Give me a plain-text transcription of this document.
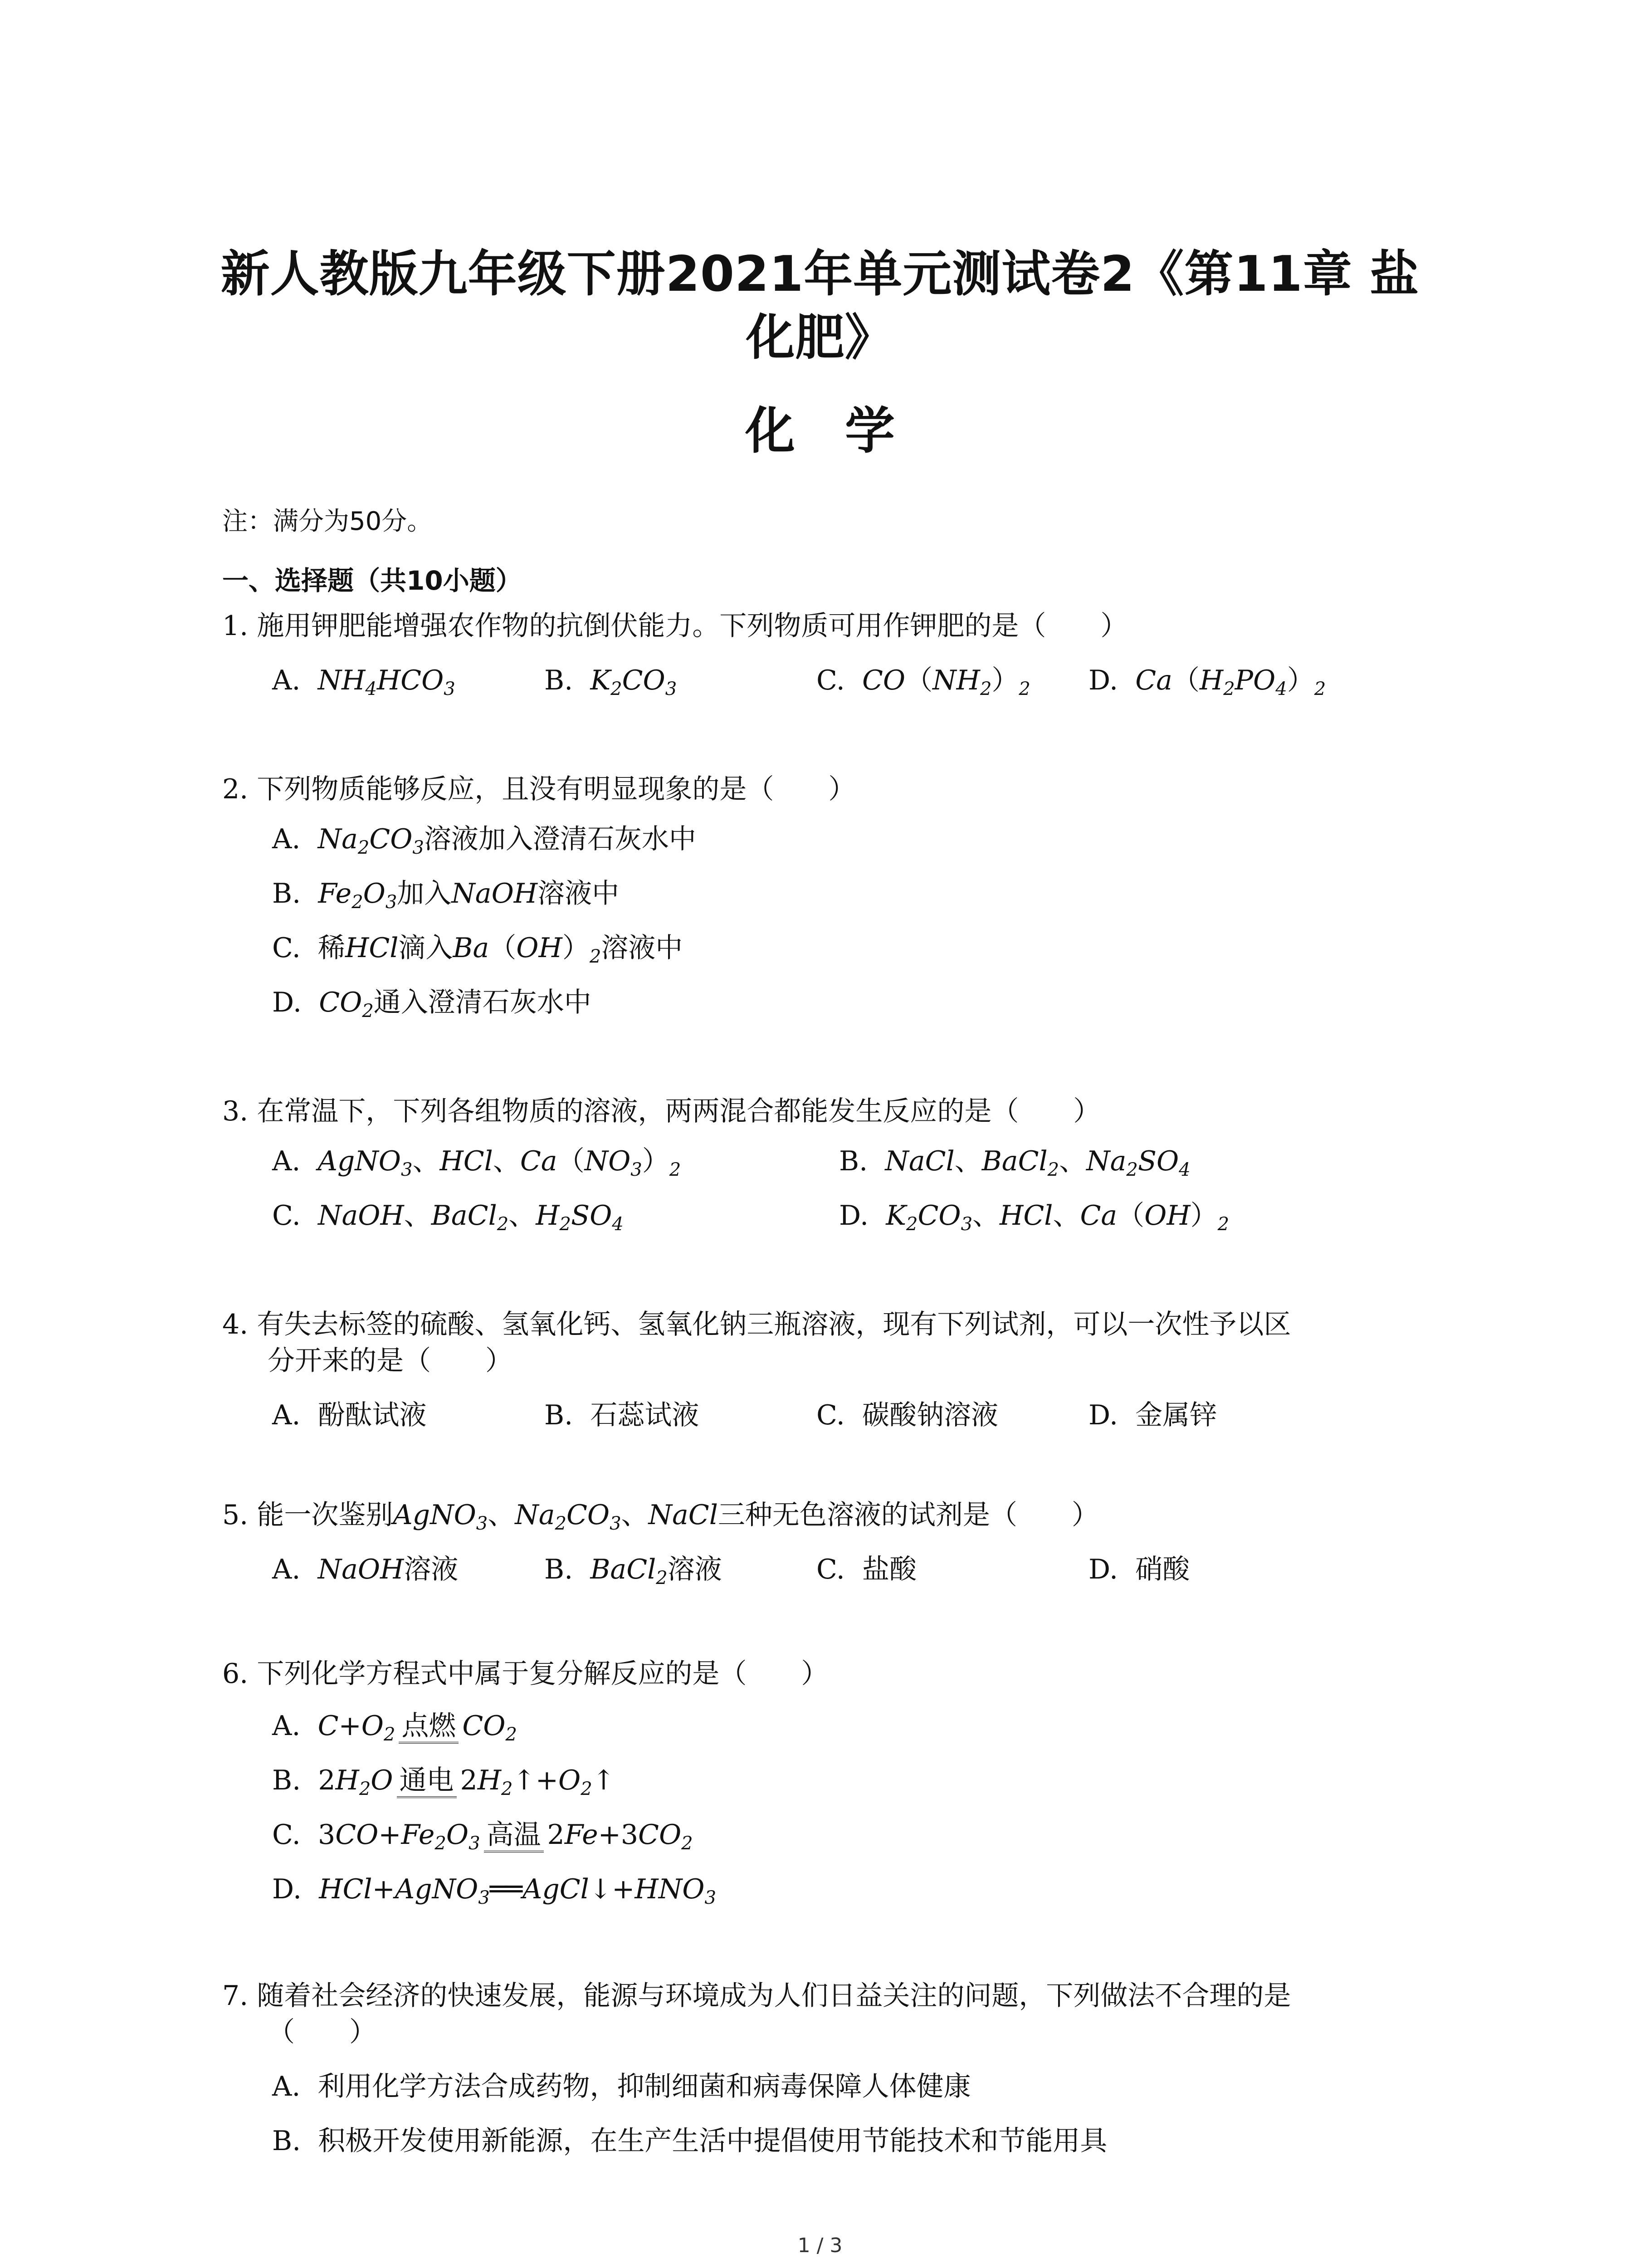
新人教版九年级下册2021年单元测试卷2《第11章 盐
化肥》
化学
注：满分为50分。
一、选择题（共10小题）
1. 施用钾肥能增强农作物的抗倒伏能力。下列物质可用作钾肥的是（　　）
A. $NH_4HCO_3$	B. $K_2CO_3$	C. $CO(NH_2)_2$ D. $Ca(H_2PO_4)_2$
2. 下列物质能够反应，且没有明显现象的是（　　）
A. $Na_2CO_3$溶液加入澄清石灰水中
B. $Fe_2O_3$加入NaOH溶液中
C. 稀HCl滴入$Ba(OH)_2$溶液中
D. $CO_2$通入澄清石灰水中
3. 在常温下，下列各组物质的溶液，两两混合都能发生反应的是（　　）
A. AgNO$_3$、HCl、$Ca(NO_3)_2$	B. NaCl、BaCl$_2$、$Na_2SO_4$
C. NaOH、BaCl$_2$、$H_2SO_4$	D. $K_2CO_3$、HCl、$Ca(OH)_2$
4. 有失去标签的硫酸、氢氧化钙、氢氧化钠三瓶溶液，现有下列试剂，可以一次性予以区
分开来的是（　　）
A. 酚酞试液	B. 石蕊试液	C. 碳酸钠溶液	D. 金属锌
5. 能一次鉴别AgNO$_3$、$Na_2CO_3$、NaCl三种无色溶液的试剂是（　　）
A. NaOH溶液	B. BaCl$_2$溶液	C. 盐酸	D. 硝酸
6. 下列化学方程式中属于复分解反应的是（　　）
A. $C+O_2$ 点燃 $CO_2$
B. $2H_2O$ 通电 $2H_2↑+O_2↑$
C. $3CO+Fe_2O_3$ 高温 $2Fe+3CO_2$
D. $HCl+AgNO_3══AgCl↓+HNO_3$
7. 随着社会经济的快速发展，能源与环境成为人们日益关注的问题，下列做法不合理的是
（　　）
A. 利用化学方法合成药物，抑制细菌和病毒保障人体健康
B. 积极开发使用新能源，在生产生活中提倡使用节能技术和节能用具
1 / 3
